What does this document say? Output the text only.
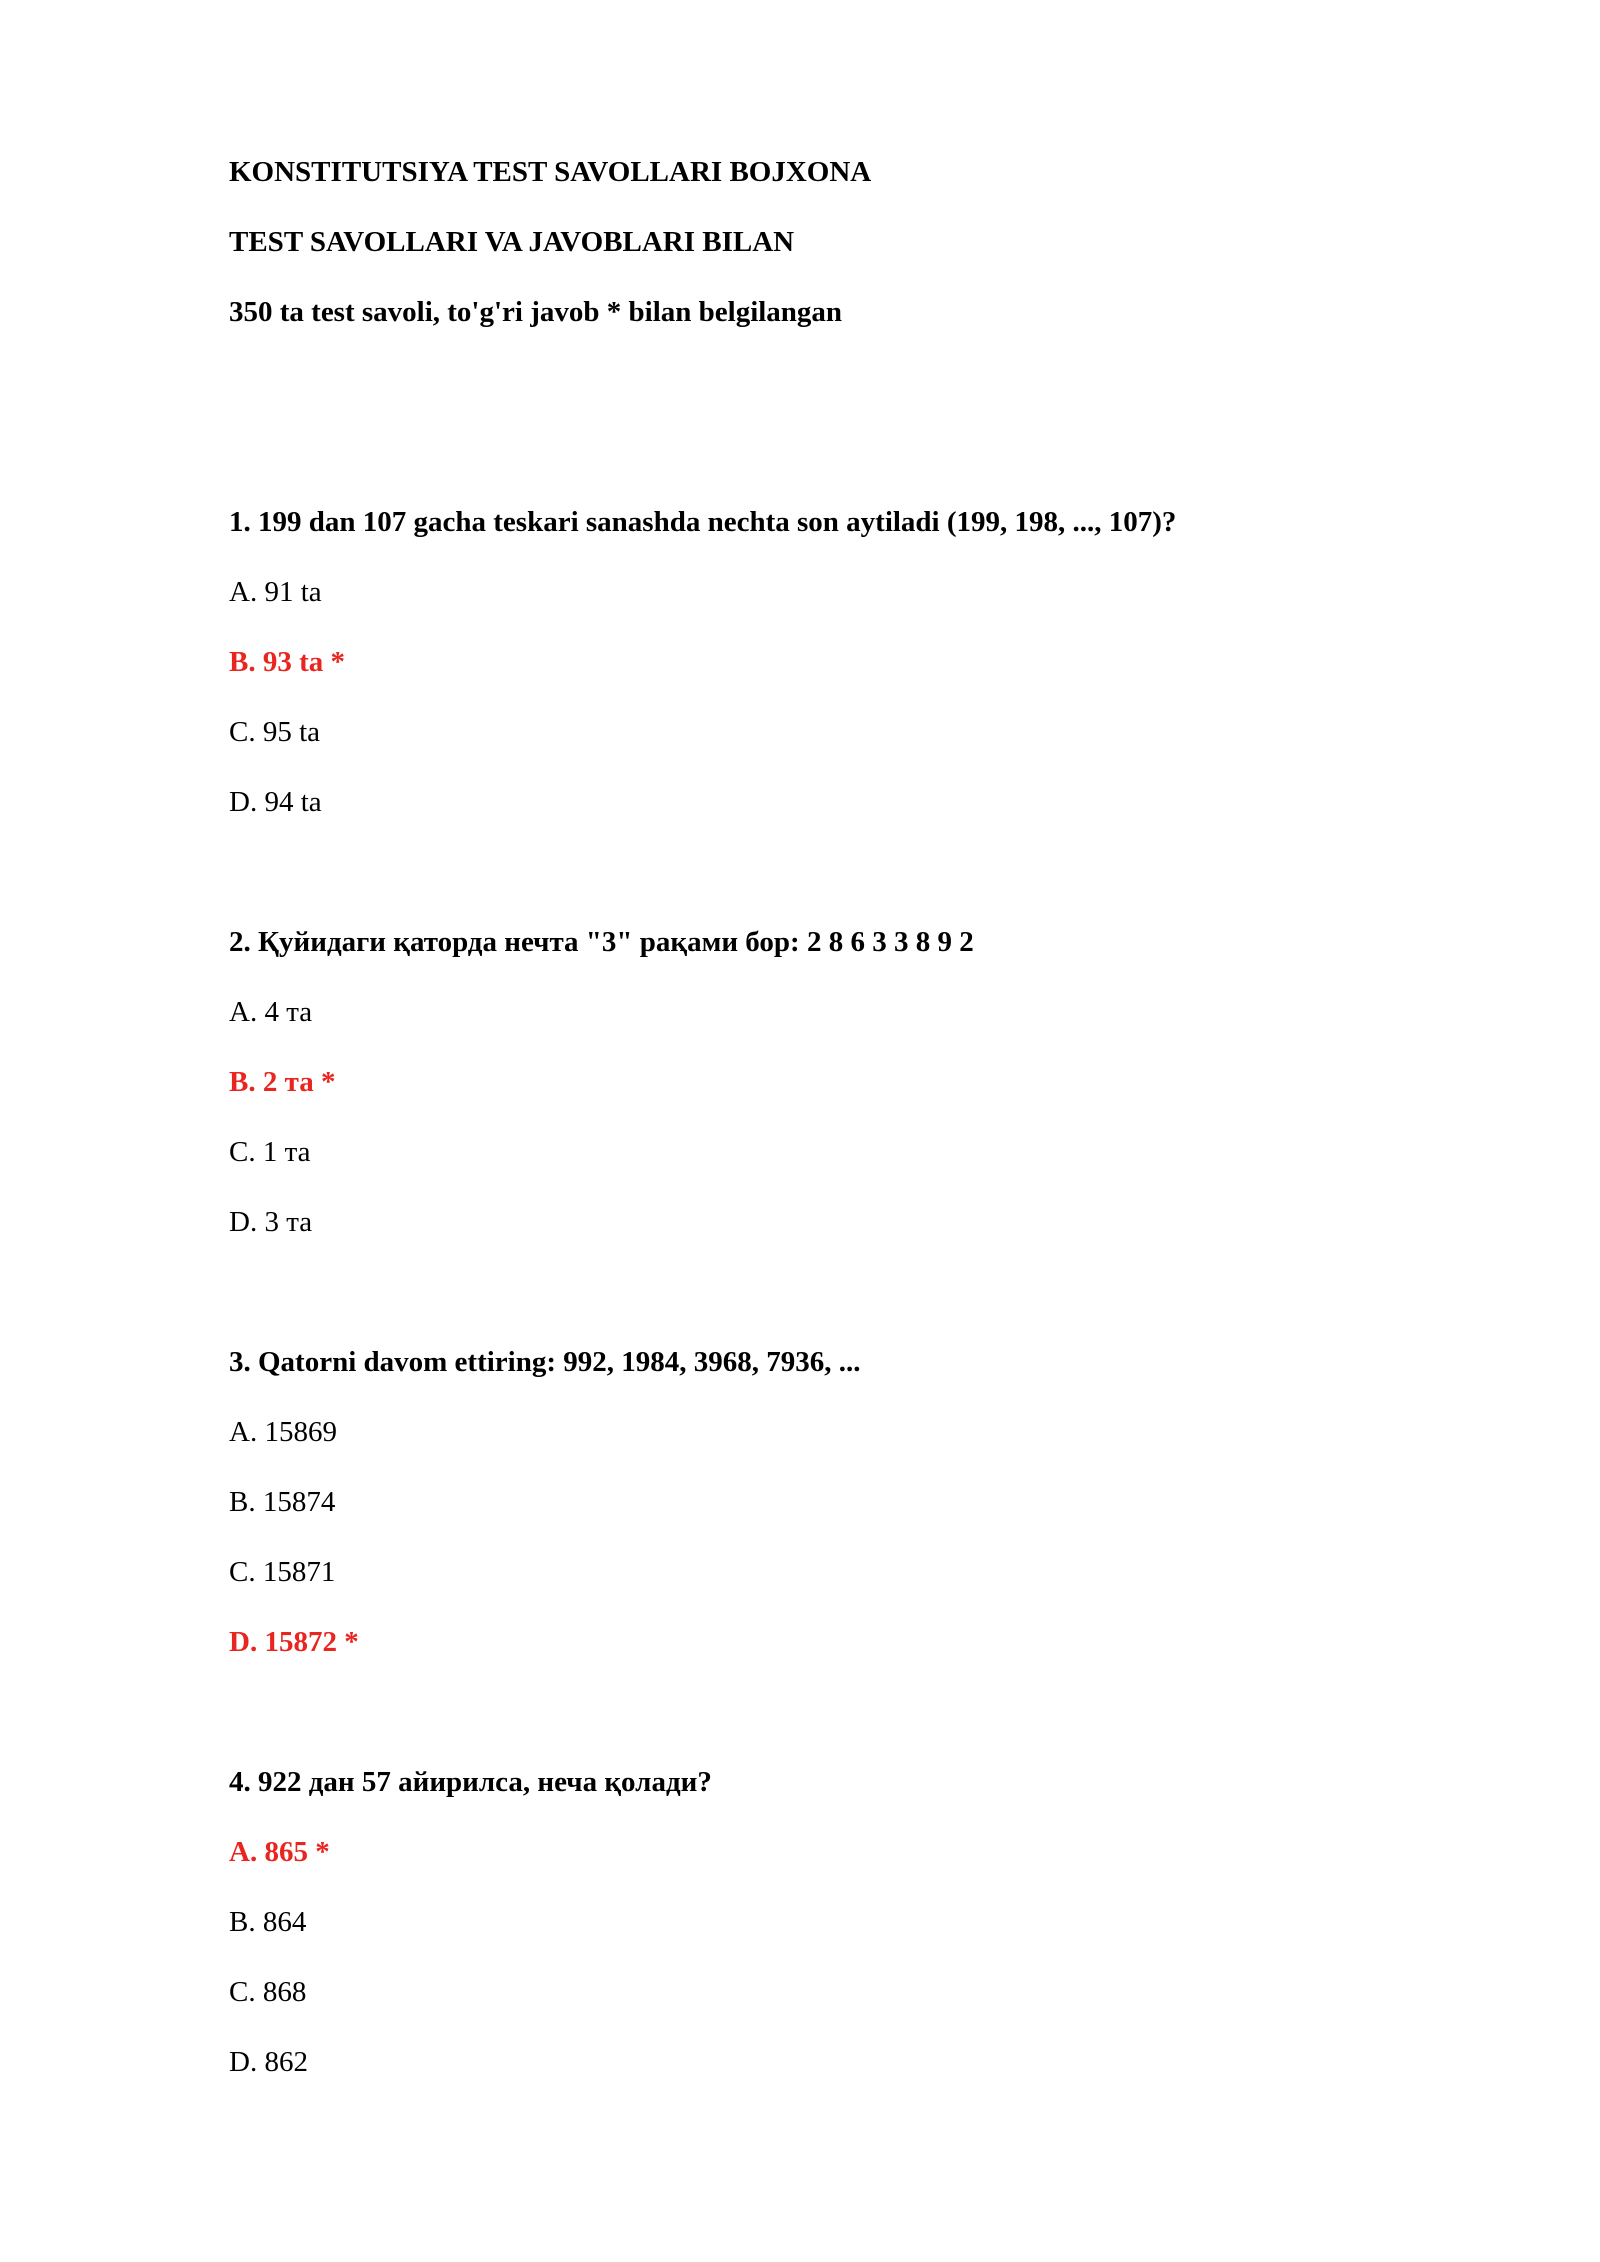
KONSTITUTSIYA TEST SAVOLLARI BOJXONA

TEST SAVOLLARI VA JAVOBLARI BILAN

350 ta test savoli, to'g'ri javob * bilan belgilangan

1. 199 dan 107 gacha teskari sanashda nechta son aytiladi (199, 198, ..., 107)?

A. 91 ta

B. 93 ta *

C. 95 ta

D. 94 ta

2. Қуйидаги қаторда нечта "3" рақами бор: 2 8 6 3 3 8 9 2

A. 4 та

B. 2 та *

C. 1 та

D. 3 та

3. Qatorni davom ettiring: 992, 1984, 3968, 7936, ...

A. 15869

B. 15874

C. 15871

D. 15872 *

4. 922 дан 57 айирилса, неча қолади?

A. 865 *

B. 864

C. 868

D. 862
